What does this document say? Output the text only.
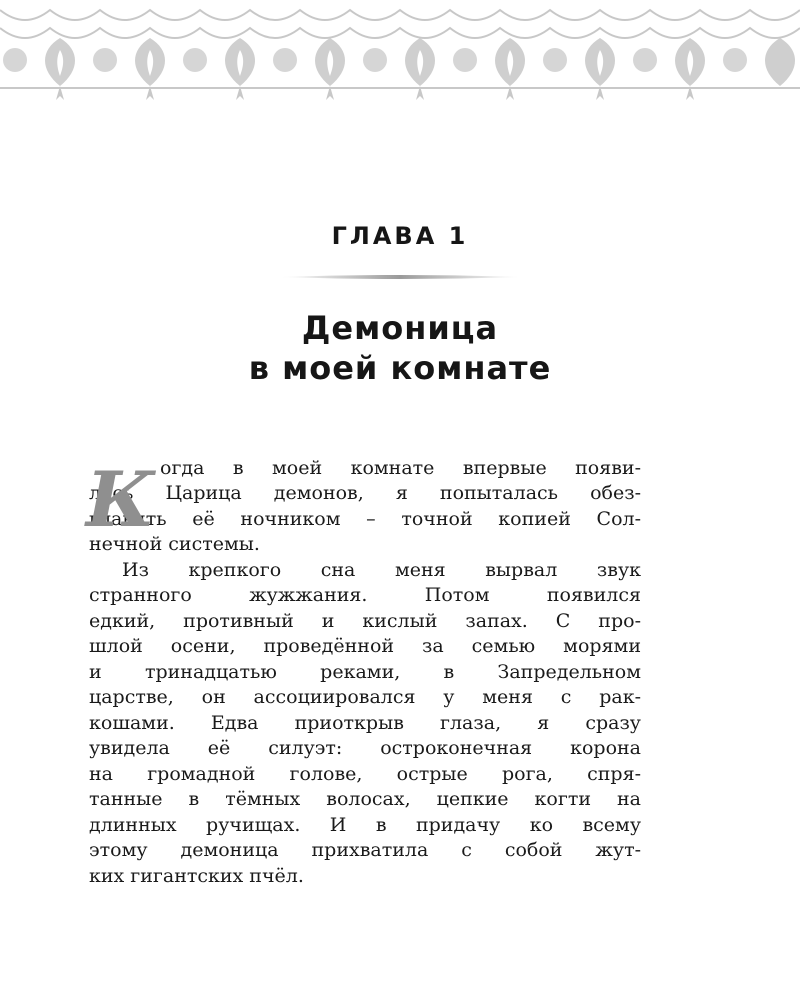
ГЛАВА 1
Демоница
в моей комнате
К огда в моей комнате впервые появи-
лась Царица демонов, я попыталась обез-
главить её ночником – точной копией Сол-
нечной системы.
Из крепкого сна меня вырвал звук
странного жужжания. Потом появился
едкий, противный и кислый запах. С про-
шлой осени, проведённой за семью морями
и тринадцатью реками, в Запредельном
царстве, он ассоциировался у меня с рак-
кошами. Едва приоткрыв глаза, я сразу
увидела её силуэт: остроконечная корона
на громадной голове, острые рога, спря-
танные в тёмных волосах, цепкие когти на
длинных ручищах. И в придачу ко всему
этому демоница прихватила с собой жут-
ких гигантских пчёл.
